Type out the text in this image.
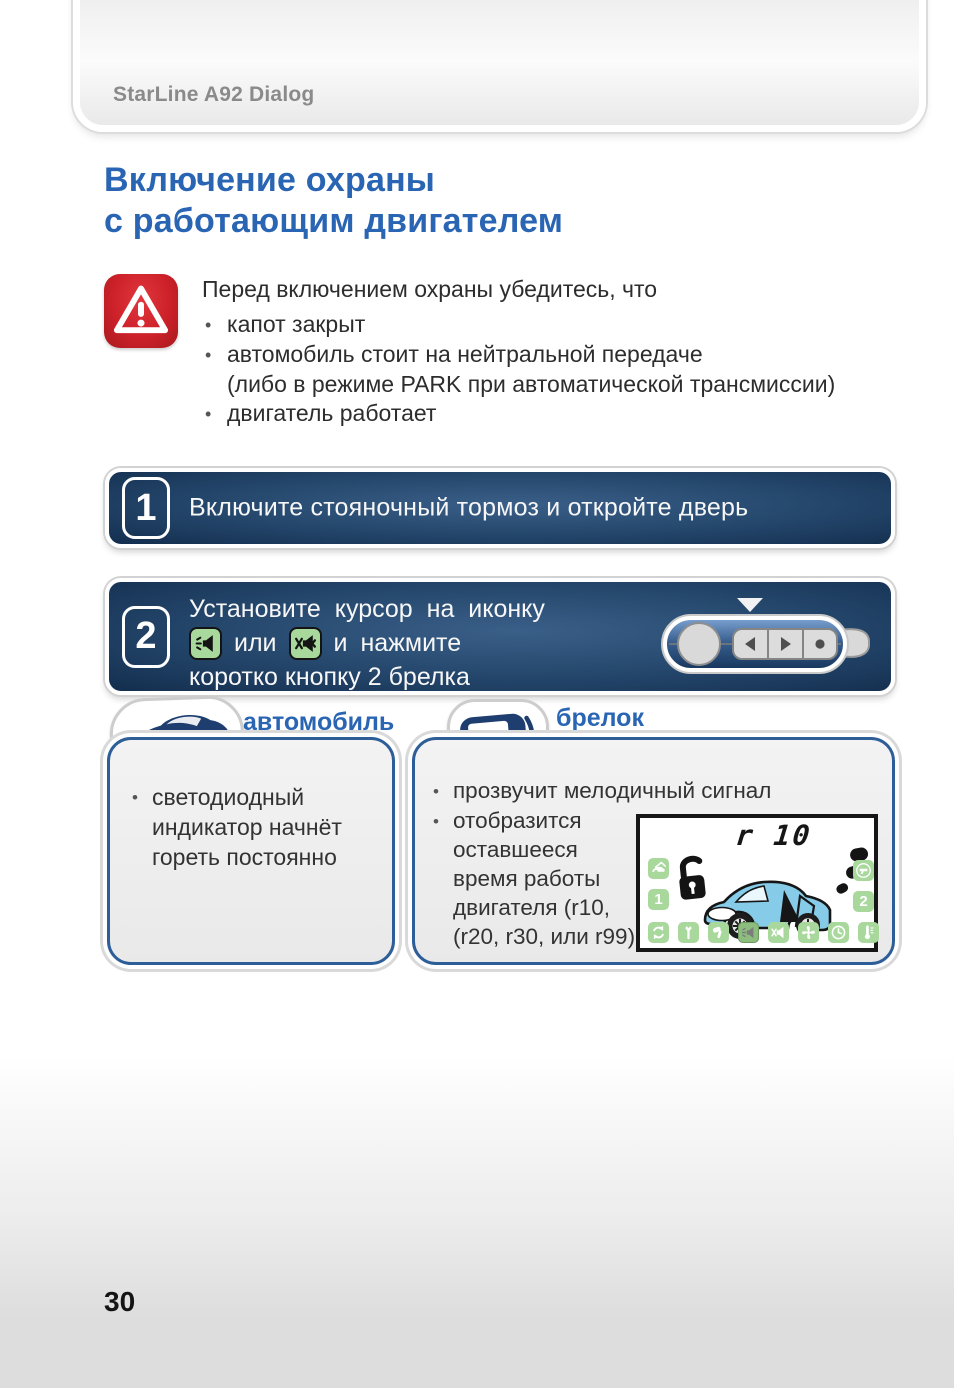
StarLine A92 Dialog
Включение охраны
с работающим двигателем
Перед включением охраны убедитесь, что
• капот закрыт
• автомобиль стоит на нейтральной передаче
(либо в режиме PARK при автоматической трансмиссии)
• двигатель работает
1	Включите стояночный тормоз и откройте дверь
2
Установите курсор на иконку
или и нажмите
коротко кнопку 2 брелка
автомобиль	брелок
• светодиодный индикатор начнёт гореть постоянно
• прозвучит мелодичный сигнал
• отобразится оставшееся время работы двигателя (r10, (r20, r30, или r99)
r 10
1	2
30
